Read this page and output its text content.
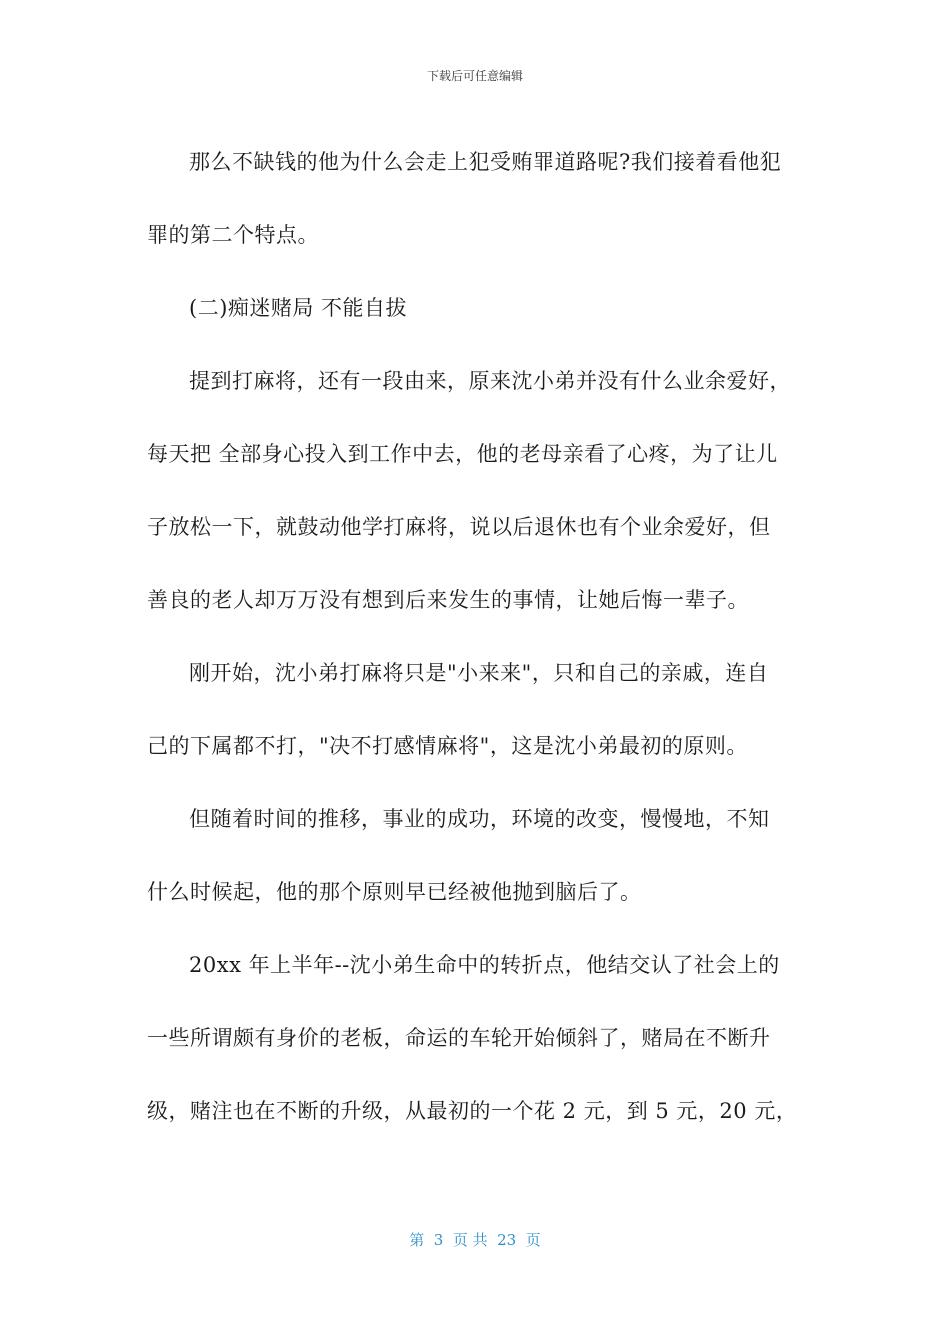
下载后可任意编辑
那么不缺钱的他为什么会走上犯受贿罪道路呢?我们接着看他犯
罪的第二个特点。
(二)痴迷赌局 不能自拔
提到打麻将，还有一段由来，原来沈小弟并没有什么业余爱好，
每天把 全部身心投入到工作中去，他的老母亲看了心疼，为了让儿
子放松一下，就鼓动他学打麻将，说以后退休也有个业余爱好，但
善良的老人却万万没有想到后来发生的事情，让她后悔一辈子。
刚开始，沈小弟打麻将只是"小来来"，只和自己的亲戚，连自
己的下属都不打，"决不打感情麻将"，这是沈小弟最初的原则。
但随着时间的推移，事业的成功，环境的改变，慢慢地，不知
什么时候起，他的那个原则早已经被他抛到脑后了。
20xx 年上半年--沈小弟生命中的转折点，他结交认了社会上的
一些所谓颇有身价的老板，命运的车轮开始倾斜了，赌局在不断升
级，赌注也在不断的升级，从最初的一个花 2 元，到 5 元，20 元，
第  3  页 共  23  页
